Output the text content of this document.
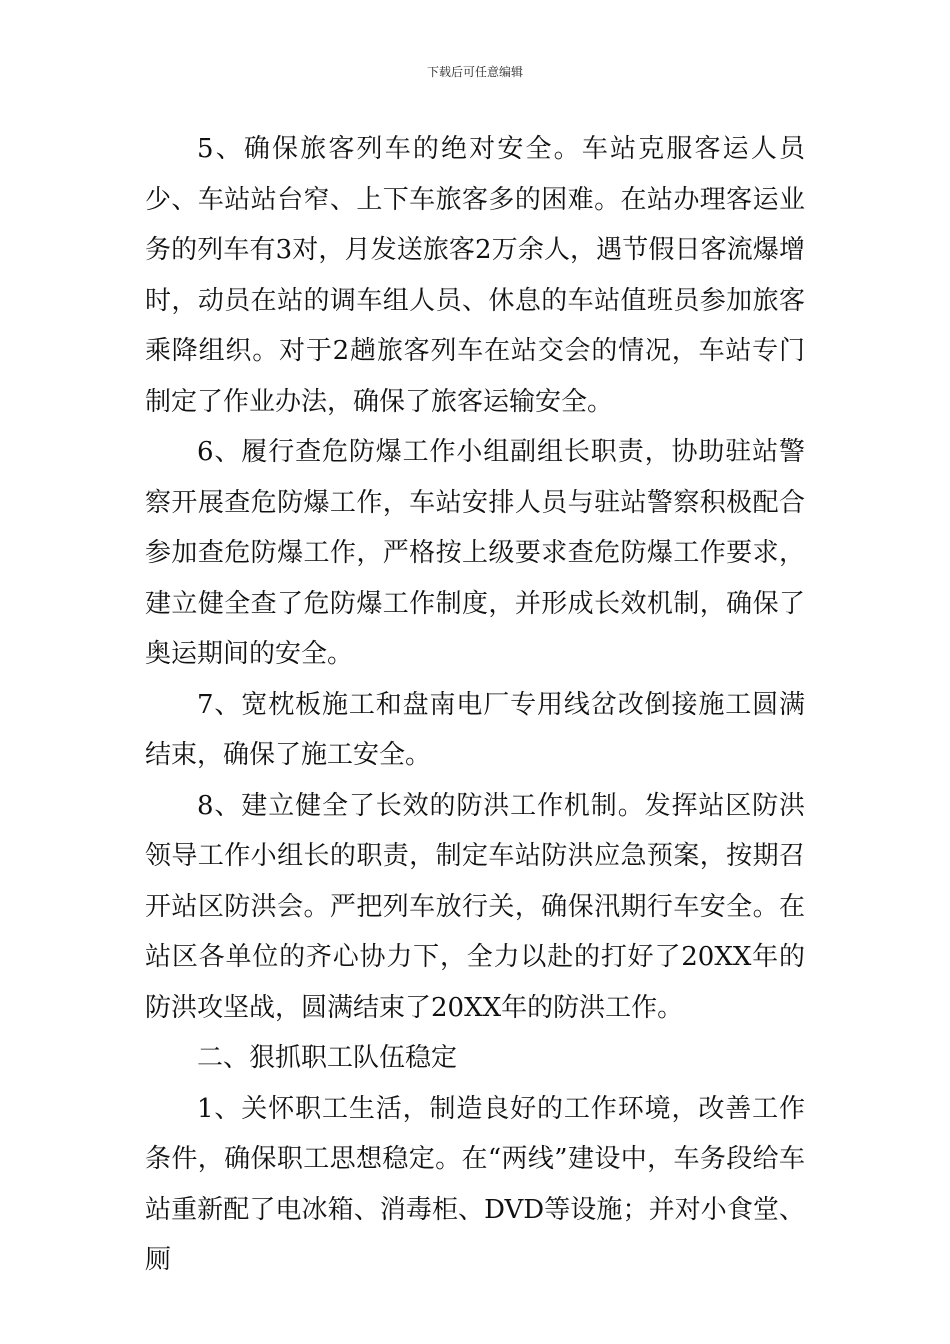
下载后可任意编辑

5、确保旅客列车的绝对安全。车站克服客运人员少、车站站台窄、上下车旅客多的困难。在站办理客运业务的列车有3对，月发送旅客2万余人，遇节假日客流爆增时，动员在站的调车组人员、休息的车站值班员参加旅客乘降组织。对于2趟旅客列车在站交会的情况，车站专门制定了作业办法，确保了旅客运输安全。

6、履行查危防爆工作小组副组长职责，协助驻站警察开展查危防爆工作，车站安排人员与驻站警察积极配合参加查危防爆工作，严格按上级要求查危防爆工作要求，建立健全查了危防爆工作制度，并形成长效机制，确保了奥运期间的安全。

7、宽枕板施工和盘南电厂专用线岔改倒接施工圆满结束，确保了施工安全。

8、建立健全了长效的防洪工作机制。发挥站区防洪领导工作小组长的职责，制定车站防洪应急预案，按期召开站区防洪会。严把列车放行关，确保汛期行车安全。在站区各单位的齐心协力下，全力以赴的打好了20XX年的防洪攻坚战，圆满结束了20XX年的防洪工作。

二、狠抓职工队伍稳定

1、关怀职工生活，制造良好的工作环境，改善工作条件，确保职工思想稳定。在“两线”建设中，车务段给车站重新配了电冰箱、消毒柜、DVD等设施；并对小食堂、厕
